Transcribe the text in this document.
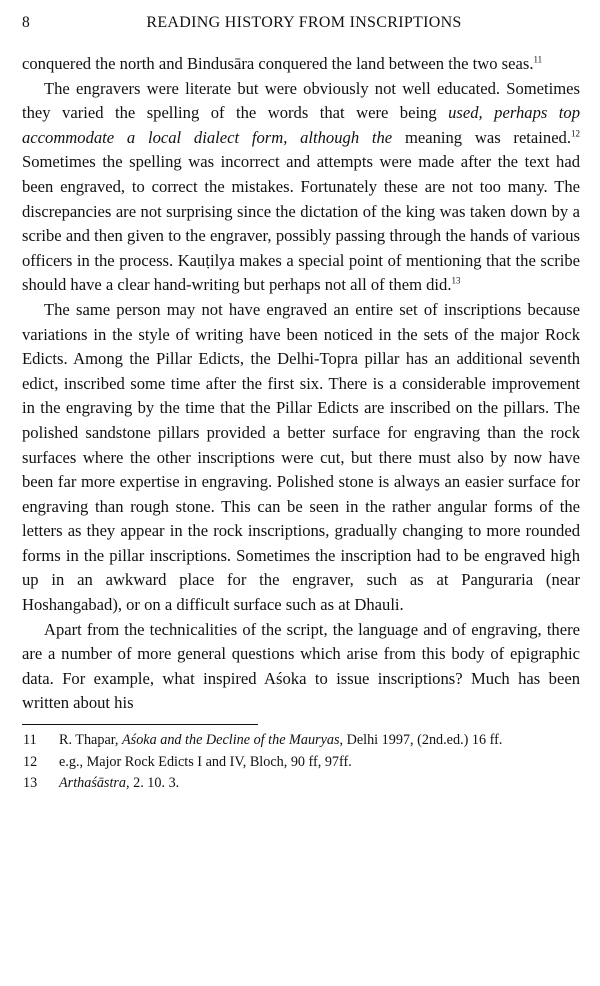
8	READING HISTORY FROM INSCRIPTIONS

conquered the north and Bindusāra conquered the land between the two seas.$^{11}$

The engravers were literate but were obviously not well educated. Sometimes they varied the spelling of the words that were being used, perhaps top accommodate a local dialect form, although the meaning was retained.$^{12}$ Sometimes the spelling was incorrect and attempts were made after the text had been engraved, to correct the mistakes. Fortunately these are not too many. The discrepancies are not surprising since the dictation of the king was taken down by a scribe and then given to the engraver, possibly passing through the hands of various officers in the process. Kauṭilya makes a special point of mentioning that the scribe should have a clear hand-writing but perhaps not all of them did.$^{13}$

The same person may not have engraved an entire set of inscriptions because variations in the style of writing have been noticed in the sets of the major Rock Edicts. Among the Pillar Edicts, the Delhi-Topra pillar has an additional seventh edict, inscribed some time after the first six. There is a considerable improvement in the engraving by the time that the Pillar Edicts are inscribed on the pillars. The polished sandstone pillars provided a better surface for engraving than the rock surfaces where the other inscriptions were cut, but there must also by now have been far more expertise in engraving. Polished stone is always an easier surface for engraving than rough stone. This can be seen in the rather angular forms of the letters as they appear in the rock inscriptions, gradually changing to more rounded forms in the pillar inscriptions. Sometimes the inscription had to be engraved high up in an awkward place for the engraver, such as at Panguraria (near Hoshangabad), or on a difficult surface such as at Dhauli.

Apart from the technicalities of the script, the language and of engraving, there are a number of more general questions which arise from this body of epigraphic data. For example, what inspired Aśoka to issue inscriptions? Much has been written about his

11	R. Thapar, Aśoka and the Decline of the Mauryas, Delhi 1997, (2nd.ed.) 16 ff.
12	e.g., Major Rock Edicts I and IV, Bloch, 90 ff, 97ff.
13	Arthaśāstra, 2. 10. 3.
